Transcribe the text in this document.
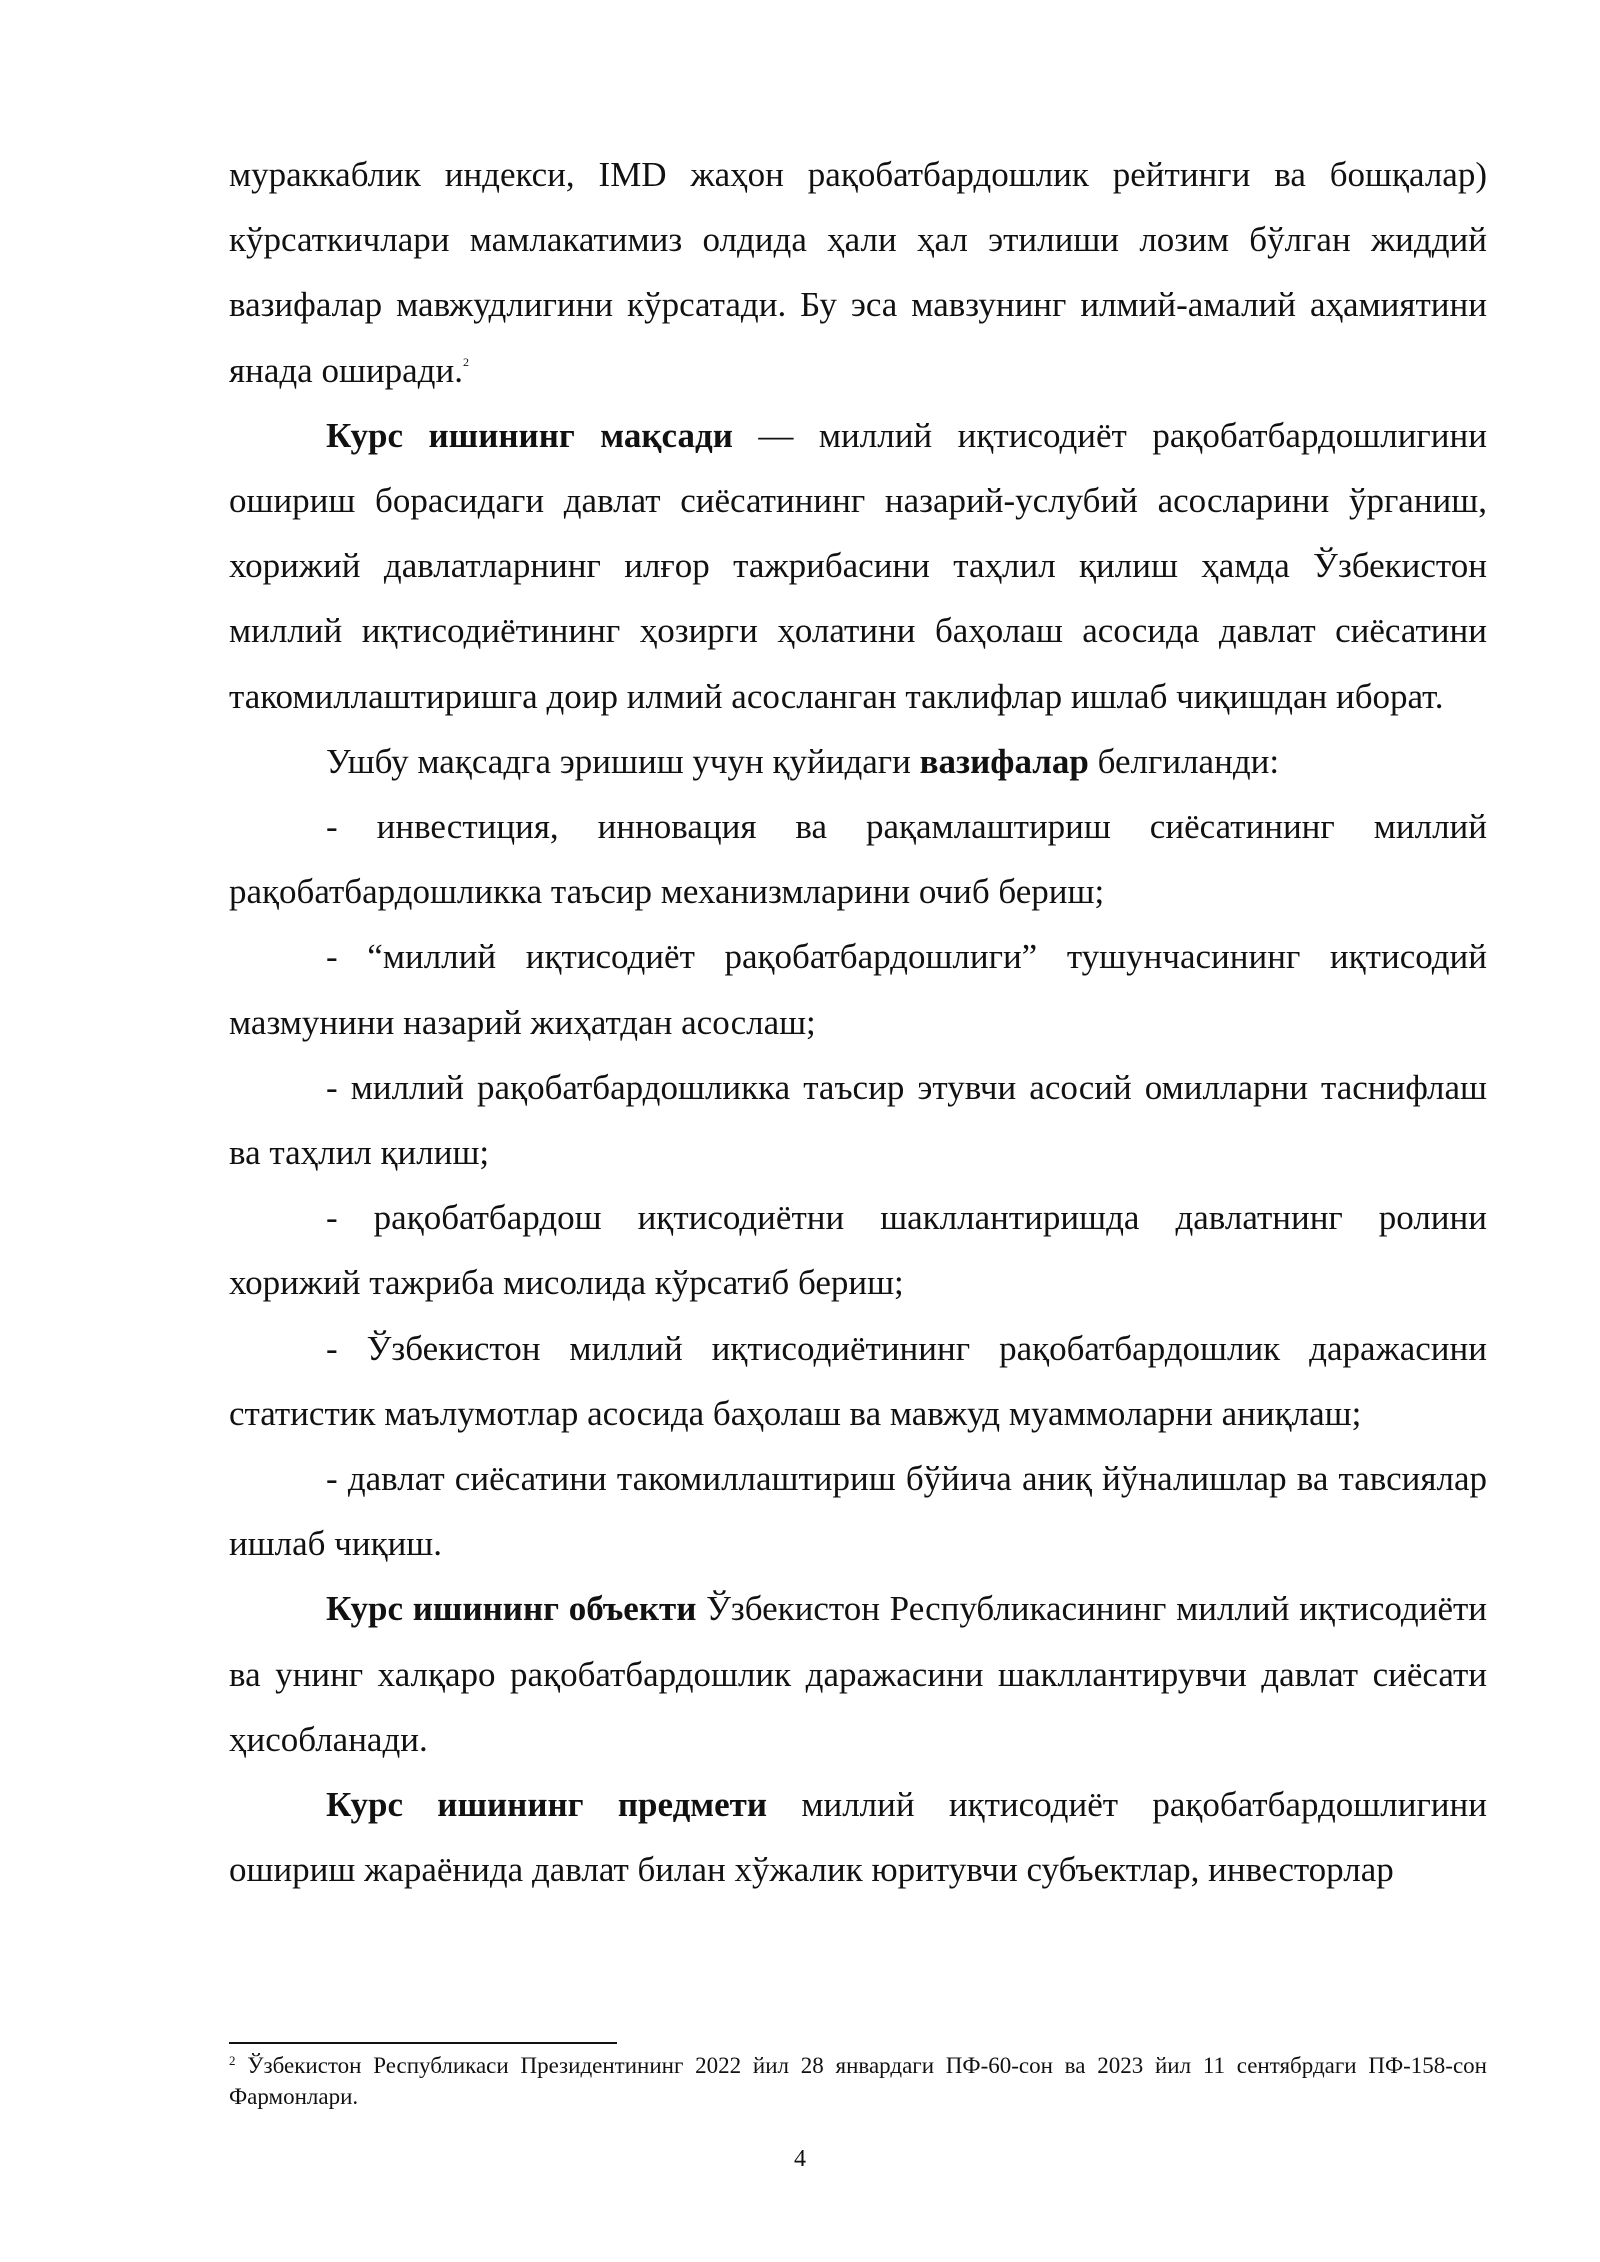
мураккаблик индекси, IMD жаҳон рақобатбардошлик рейтинги ва бошқалар) кўрсаткичлари мамлакатимиз олдида ҳали ҳал этилиши лозим бўлган жиддий вазифалар мавжудлигини кўрсатади. Бу эса мавзунинг илмий-амалий аҳамиятини янада оширади.$^2$

Курс ишининг мақсади — миллий иқтисодиёт рақобатбардошлигини ошириш борасидаги давлат сиёсатининг назарий-услубий асосларини ўрганиш, хорижий давлатларнинг илғор тажрибасини таҳлил қилиш ҳамда Ўзбекистон миллий иқтисодиётининг ҳозирги ҳолатини баҳолаш асосида давлат сиёсатини такомиллаштиришга доир илмий асосланган таклифлар ишлаб чиқишдан иборат.

Ушбу мақсадга эришиш учун қуйидаги вазифалар белгиланди:

- инвестиция, инновация ва рақамлаштириш сиёсатининг миллий рақобатбардошликка таъсир механизмларини очиб бериш;

- “миллий иқтисодиёт рақобатбардошлиги” тушунчасининг иқтисодий мазмунини назарий жиҳатдан асослаш;

- миллий рақобатбардошликка таъсир этувчи асосий омилларни таснифлаш ва таҳлил қилиш;

- рақобатбардош иқтисодиётни шакллантиришда давлатнинг ролини хорижий тажриба мисолида кўрсатиб бериш;

- Ўзбекистон миллий иқтисодиётининг рақобатбардошлик даражасини статистик маълумотлар асосида баҳолаш ва мавжуд муаммоларни аниқлаш;

- давлат сиёсатини такомиллаштириш бўйича аниқ йўналишлар ва тавсиялар ишлаб чиқиш.

Курс ишининг объекти Ўзбекистон Республикасининг миллий иқтисодиёти ва унинг халқаро рақобатбардошлик даражасини шакллантирувчи давлат сиёсати ҳисобланади.

Курс ишининг предмети миллий иқтисодиёт рақобатбардошлигини ошириш жараёнида давлат билан хўжалик юритувчи субъектлар, инвесторлар

$^2$ Ўзбекистон Республикаси Президентининг 2022 йил 28 январдаги ПФ-60-сон ва 2023 йил 11 сентябрдаги ПФ-158-сон Фармонлари.
4
